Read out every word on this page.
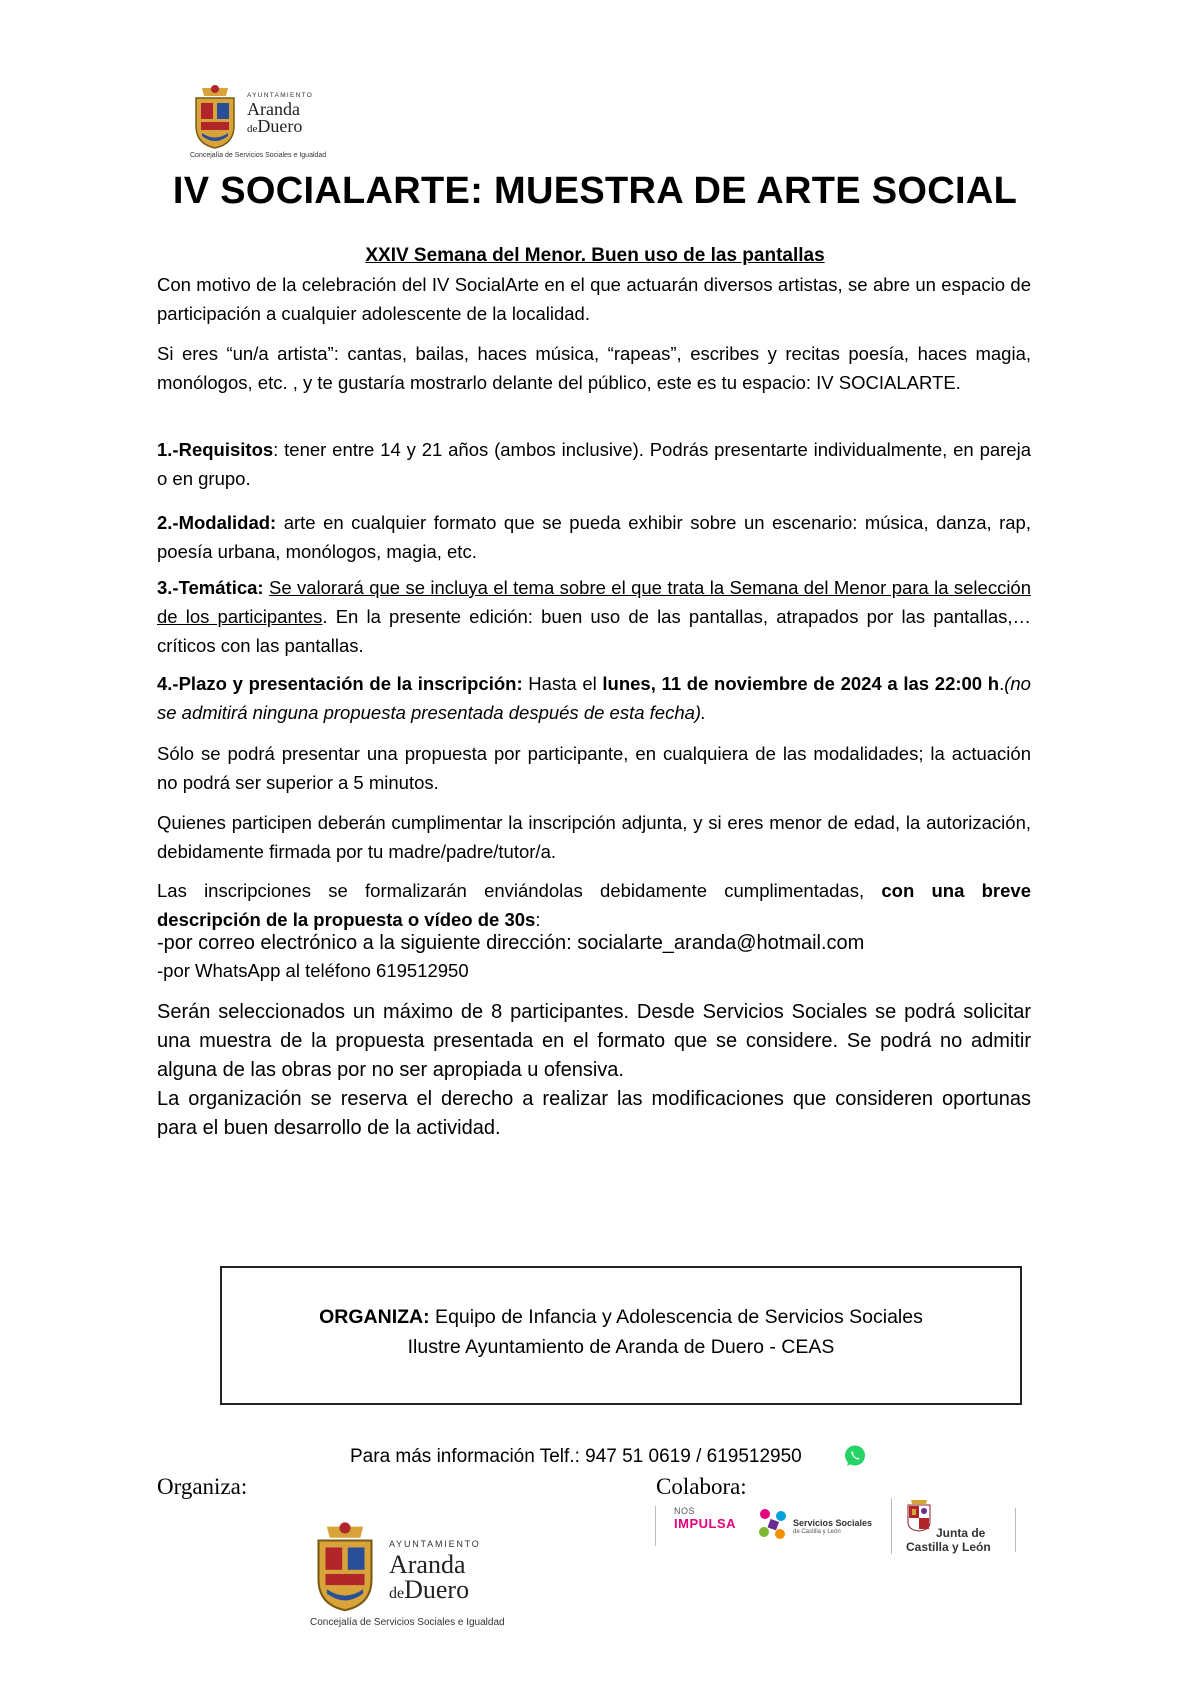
AYUNTAMIENTO
Aranda
deDuero
Concejalía de Servicios Sociales e Igualdad
IV SOCIALARTE: MUESTRA DE ARTE SOCIAL
XXIV Semana del Menor. Buen uso de las pantallas

Con motivo de la celebración del IV SocialArte en el que actuarán diversos artistas, se abre un espacio de participación a cualquier adolescente de la localidad.

Si eres “un/a artista”: cantas, bailas, haces música, “rapeas”, escribes y recitas poesía, haces magia, monólogos, etc. , y te gustaría mostrarlo delante del público, este es tu espacio: IV SOCIALARTE.

1.-Requisitos: tener entre 14 y 21 años (ambos inclusive). Podrás presentarte individualmente, en pareja o en grupo.

2.-Modalidad: arte en cualquier formato que se pueda exhibir sobre un escenario: música, danza, rap, poesía urbana, monólogos, magia, etc.

3.-Temática: Se valorará que se incluya el tema sobre el que trata la Semana del Menor para la selección de los participantes. En la presente edición: buen uso de las pantallas, atrapados por las pantallas,…críticos con las pantallas.

4.-Plazo y presentación de la inscripción: Hasta el lunes, 11 de noviembre de 2024 a las 22:00 h.(no se admitirá ninguna propuesta presentada después de esta fecha).

Sólo se podrá presentar una propuesta por participante, en cualquiera de las modalidades; la actuación no podrá ser superior a 5 minutos.

Quienes participen deberán cumplimentar la inscripción adjunta, y si eres menor de edad, la autorización, debidamente firmada por tu madre/padre/tutor/a.

Las inscripciones se formalizarán enviándolas debidamente cumplimentadas, con una breve descripción de la propuesta o vídeo de 30s:

-por correo electrónico a la siguiente dirección: socialarte_aranda@hotmail.com
-por WhatsApp al teléfono 619512950

Serán seleccionados un máximo de 8 participantes. Desde Servicios Sociales se podrá solicitar una muestra de la propuesta presentada en el formato que se considere. Se podrá no admitir alguna de las obras por no ser apropiada u ofensiva.

La organización se reserva el derecho a realizar las modificaciones que consideren oportunas para el buen desarrollo de la actividad.

ORGANIZA: Equipo de Infancia y Adolescencia de Servicios Sociales
Ilustre Ayuntamiento de Aranda de Duero - CEAS
Para más información Telf.: 947 51 0619 / 619512950
Organiza:	Colabora:
AYUNTAMIENTO
Aranda
deDuero
Concejalía de Servicios Sociales e Igualdad
NOS
IMPULSA	Servicios Sociales
de Castilla y León	Junta de
Castilla y León
